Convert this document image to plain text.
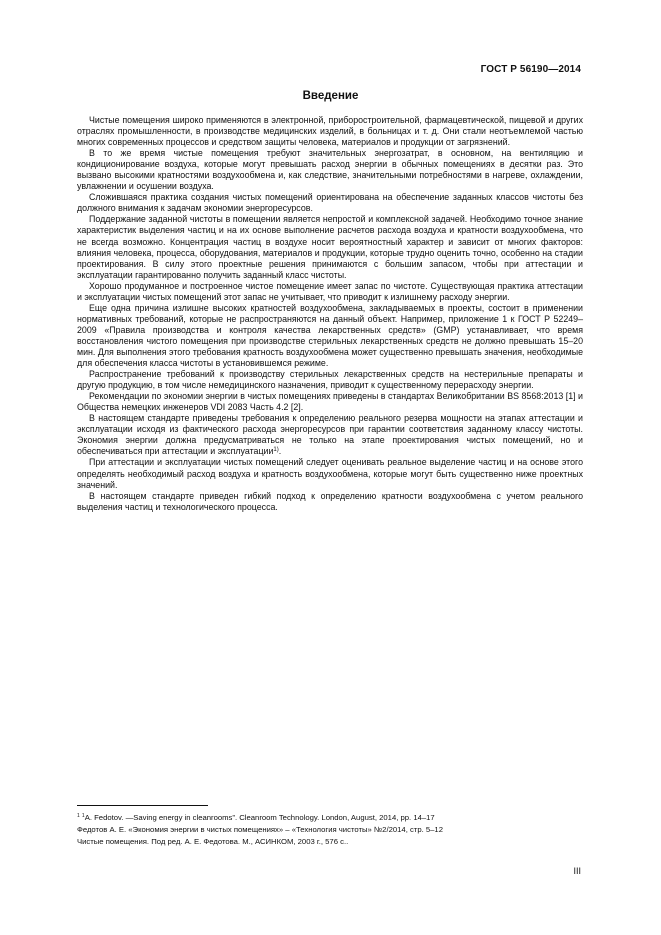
ГОСТ Р 56190—2014
Введение

Чистые помещения широко применяются в электронной, приборостроительной, фармацевтической, пищевой и других отраслях промышленности, в производстве медицинских изделий, в больницах и т. д. Они стали неотъемлемой частью многих современных процессов и средством защиты человека, материалов и продукции от загрязнений.

В то же время чистые помещения требуют значительных энергозатрат, в основном, на вентиляцию и кондиционирование воздуха, которые могут превышать расход энергии в обычных помещениях в десятки раз. Это вызвано высокими кратностями воздухообмена и, как следствие, значительными потребностями в нагреве, охлаждении, увлажнении и осушении воздуха.

Сложившаяся практика создания чистых помещений ориентирована на обеспечение заданных классов чистоты без должного внимания к задачам экономии энергоресурсов.

Поддержание заданной чистоты в помещении является непростой и комплексной задачей. Необходимо точное знание характеристик выделения частиц и на их основе выполнение расчетов расхода воздуха и кратности воздухообмена, что не всегда возможно. Концентрация частиц в воздухе носит вероятностный характер и зависит от многих факторов: влияния человека, процесса, оборудования, материалов и продукции, которые трудно оценить точно, особенно на стадии проектирования. В силу этого проектные решения принимаются с большим запасом, чтобы при аттестации и эксплуатации гарантированно получить заданный класс чистоты.

Хорошо продуманное и построенное чистое помещение имеет запас по чистоте. Существующая практика аттестации и эксплуатации чистых помещений этот запас не учитывает, что приводит к излишнему расходу энергии.

Еще одна причина излишне высоких кратностей воздухообмена, закладываемых в проекты, состоит в применении нормативных требований, которые не распространяются на данный объект. Например, приложение 1 к ГОСТ Р 52249–2009 «Правила производства и контроля качества лекарственных средств» (GMP) устанавливает, что время восстановления чистого помещения при производстве стерильных лекарственных средств не должно превышать 15–20 мин. Для выполнения этого требования кратность воздухообмена может существенно превышать значения, необходимые для обеспечения класса чистоты в установившемся режиме.

Распространение требований к производству стерильных лекарственных средств на нестерильные препараты и другую продукцию, в том числе немедицинского назначения, приводит к существенному перерасходу энергии.

Рекомендации по экономии энергии в чистых помещениях приведены в стандартах Великобритании BS 8568:2013 [1] и Общества немецких инженеров VDI 2083 Часть 4.2 [2].

В настоящем стандарте приведены требования к определению реального резерва мощности на этапах аттестации и эксплуатации исходя из фактического расхода энергоресурсов при гарантии соответствия заданному классу чистоты. Экономия энергии должна предусматриваться не только на этапе проектирования чистых помещений, но и обеспечиваться при аттестации и эксплуатации$^{1)}$.

При аттестации и эксплуатации чистых помещений следует оценивать реальное выделение частиц и на основе этого определять необходимый расход воздуха и кратность воздухообмена, которые могут быть существенно ниже проектных значений.

В настоящем стандарте приведен гибкий подход к определению кратности воздухообмена с учетом реального выделения частиц и технологического процесса.

$^1$ $^1$A. Fedotov. —Saving energy in cleanrooms”. Cleanroom Technology. London, August, 2014, pp. 14–17

Федотов А. Е. «Экономия энергии в чистых помещениях» – «Технология чистоты» №2/2014, стр. 5–12

Чистые помещения. Под ред. А. Е. Федотова. М., АСИНКОМ, 2003 г., 576 с..

III
